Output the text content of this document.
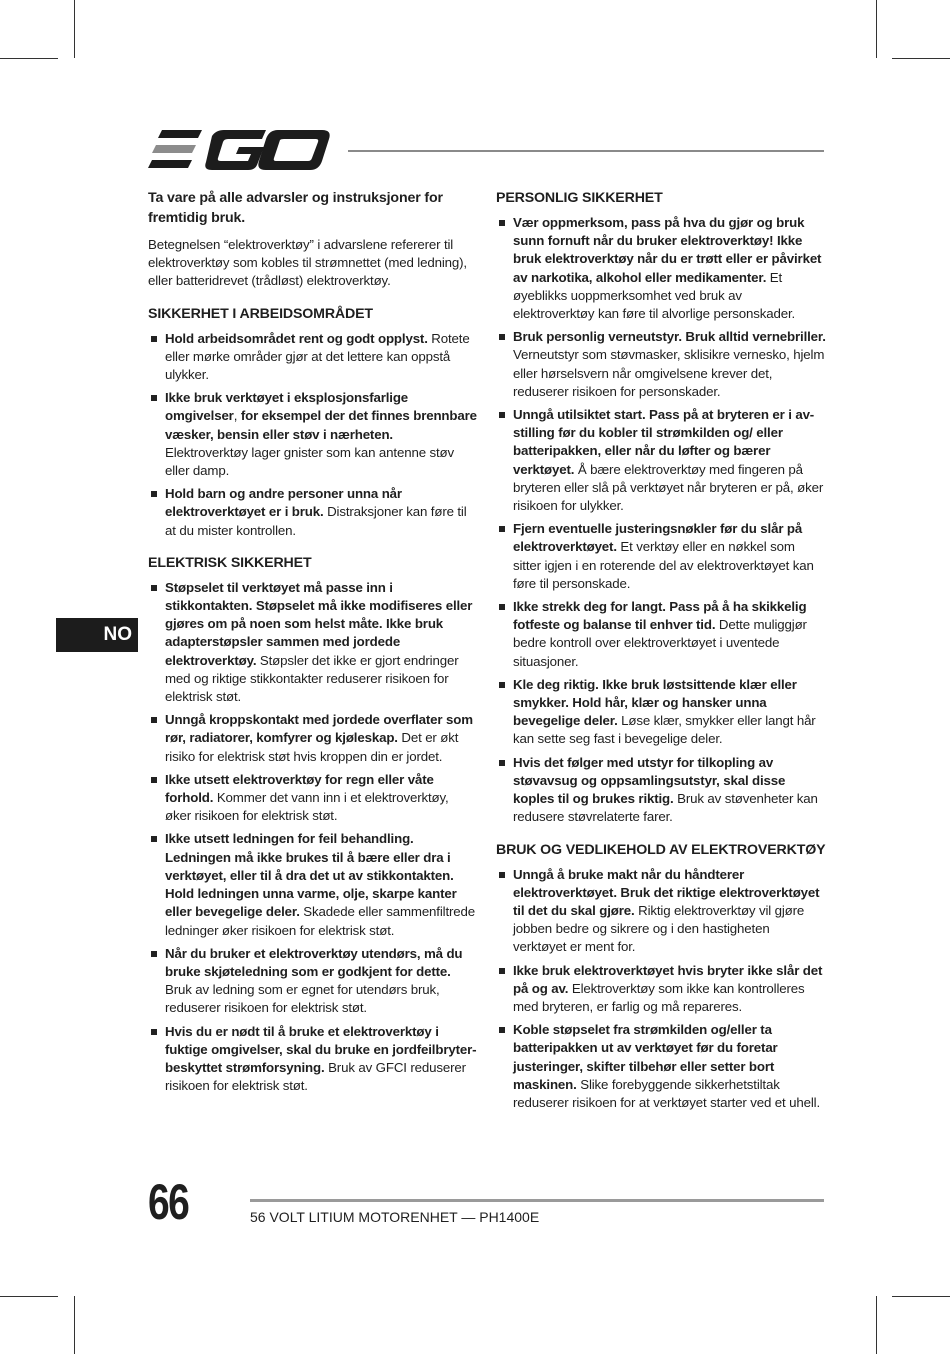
NO
Ta vare på alle advarsler og instruksjoner for fremtidig bruk.
Betegnelsen “elektroverktøy” i advarslene refererer til elektroverktøy som kobles til strømnettet (med ledning), eller batteridrevet (trådløst) elektroverktøy.
SIKKERHET I ARBEIDSOMRÅDET
Hold arbeidsområdet rent og godt opplyst. Rotete eller mørke områder gjør at det lettere kan oppstå ulykker.
Ikke bruk verktøyet i eksplosjonsfarlige omgivelser, for eksempel der det finnes brennbare væsker, bensin eller støv i nærheten. Elektroverktøy lager gnister som kan antenne støv eller damp.
Hold barn og andre personer unna når elektroverktøyet er i bruk. Distraksjoner kan føre til at du mister kontrollen.
ELEKTRISK SIKKERHET
Støpselet til verktøyet må passe inn i stikkontakten. Støpselet må ikke modifiseres eller gjøres om på noen som helst måte. Ikke bruk adapterstøpsler sammen med jordede elektroverktøy. Støpsler det ikke er gjort endringer med og riktige stikkontakter reduserer risikoen for elektrisk støt.
Unngå kroppskontakt med jordede overflater som rør, radiatorer, komfyrer og kjøleskap. Det er økt risiko for elektrisk støt hvis kroppen din er jordet.
Ikke utsett elektroverktøy for regn eller våte forhold. Kommer det vann inn i et elektroverktøy, øker risikoen for elektrisk støt.
Ikke utsett ledningen for feil behandling. Ledningen må ikke brukes til å bære eller dra i verktøyet, eller til å dra det ut av stikkontakten. Hold ledningen unna varme, olje, skarpe kanter eller bevegelige deler. Skadede eller sammenfiltrede ledninger øker risikoen for elektrisk støt.
Når du bruker et elektroverktøy utendørs, må du bruke skjøteledning som er godkjent for dette. Bruk av ledning som er egnet for utendørs bruk, reduserer risikoen for elektrisk støt.
Hvis du er nødt til å bruke et elektroverktøy i fuktige omgivelser, skal du bruke en jordfeilbryter-beskyttet strømforsyning. Bruk av GFCI reduserer risikoen for elektrisk støt.
PERSONLIG SIKKERHET
Vær oppmerksom, pass på hva du gjør og bruk sunn fornuft når du bruker elektroverktøy! Ikke bruk elektroverktøy når du er trøtt eller er påvirket av narkotika, alkohol eller medikamenter. Et øyeblikks uoppmerksomhet ved bruk av elektroverktøy kan føre til alvorlige personskader.
Bruk personlig verneutstyr. Bruk alltid vernebriller. Verneutstyr som støvmasker, sklisikre vernesko, hjelm eller hørselsvern når omgivelsene krever det, reduserer risikoen for personskader.
Unngå utilsiktet start. Pass på at bryteren er i av-stilling før du kobler til strømkilden og/ eller batteripakken, eller når du løfter og bærer verktøyet. Å bære elektroverktøy med fingeren på bryteren eller slå på verktøyet når bryteren er på, øker risikoen for ulykker.
Fjern eventuelle justeringsnøkler før du slår på elektroverktøyet. Et verktøy eller en nøkkel som sitter igjen i en roterende del av elektroverktøyet kan føre til personskade.
Ikke strekk deg for langt. Pass på å ha skikkelig fotfeste og balanse til enhver tid. Dette muliggjør bedre kontroll over elektroverktøyet i uventede situasjoner.
Kle deg riktig. Ikke bruk løstsittende klær eller smykker. Hold hår, klær og hansker unna bevegelige deler. Løse klær, smykker eller langt hår kan sette seg fast i bevegelige deler.
Hvis det følger med utstyr for tilkopling av støvavsug og oppsamlingsutstyr, skal disse koples til og brukes riktig. Bruk av støvenheter kan redusere støvrelaterte farer.
BRUK OG VEDLIKEHOLD AV ELEKTROVERKTØY
Unngå å bruke makt når du håndterer elektroverktøyet. Bruk det riktige elektroverktøyet til det du skal gjøre. Riktig elektroverktøy vil gjøre jobben bedre og sikrere og i den hastigheten verktøyet er ment for.
Ikke bruk elektroverktøyet hvis bryter ikke slår det på og av. Elektroverktøy som ikke kan kontrolleres med bryteren, er farlig og må repareres.
Koble støpselet fra strømkilden og/eller ta batteripakken ut av verktøyet før du foretar justeringer, skifter tilbehør eller setter bort maskinen. Slike forebyggende sikkerhetstiltak reduserer risikoen for at verktøyet starter ved et uhell.
66	56 VOLT LITIUM MOTORENHET — PH1400E
